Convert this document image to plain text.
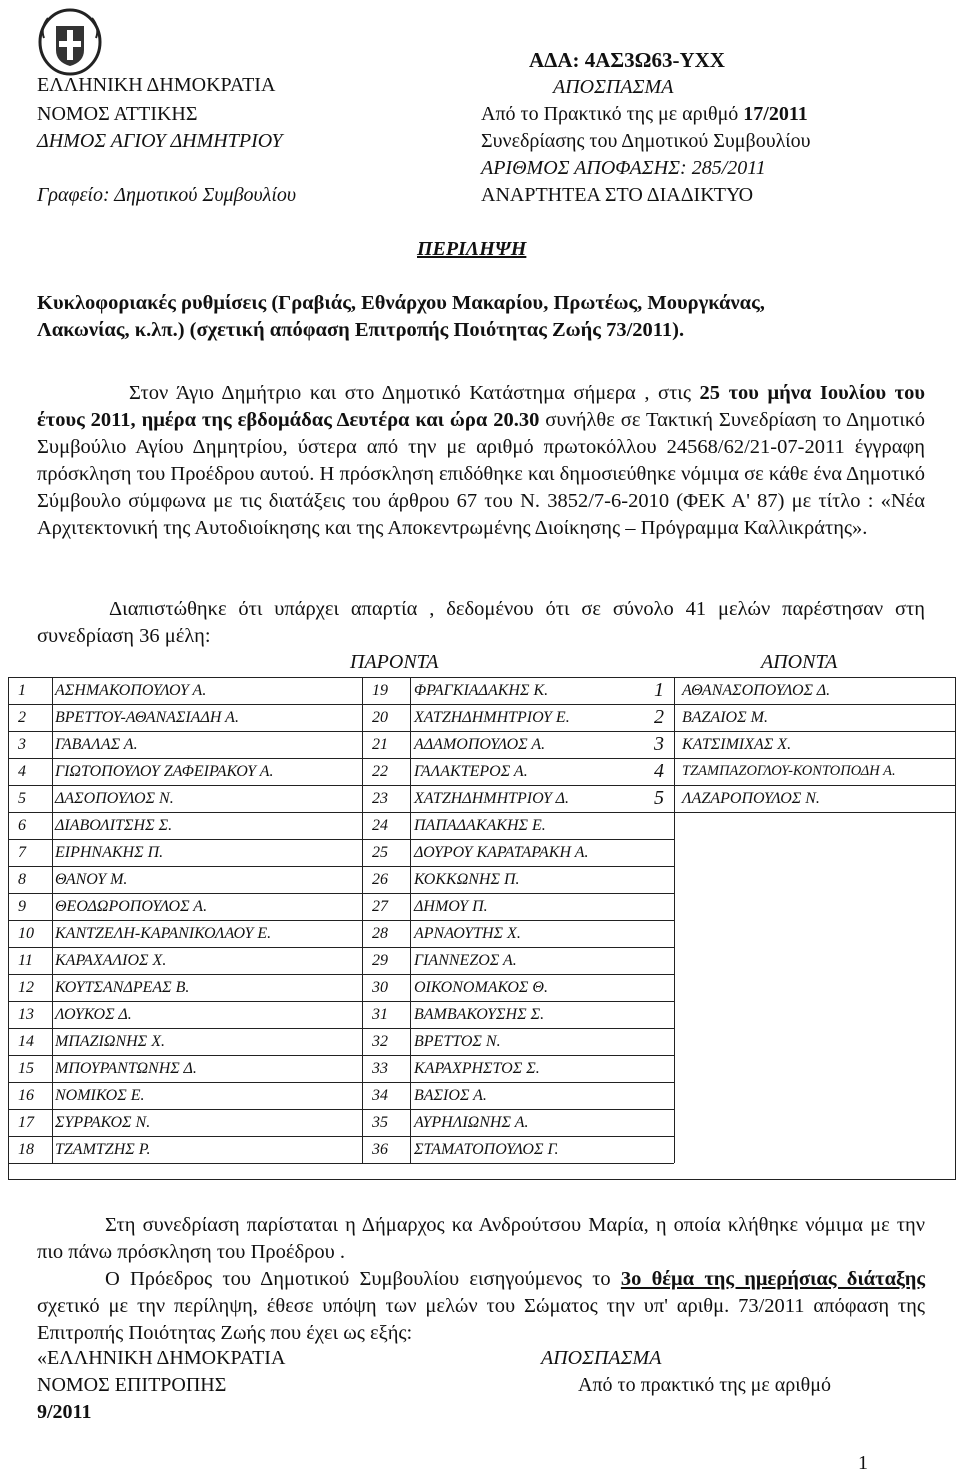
ΕΛΛΗΝΙΚΗ ΔΗΜΟΚΡΑΤΙΑ
ΝΟΜΟΣ ΑΤΤΙΚΗΣ
ΔΗΜΟΣ ΑΓΙΟΥ ΔΗΜΗΤΡΙΟΥ
Γραφείο: Δημοτικού Συμβουλίου
ΑΔΑ: 4ΑΣ3Ω63-ΥΧΧ
ΑΠΟΣΠΑΣΜΑ
Από το Πρακτικό της με αριθμό 17/2011
Συνεδρίασης του Δημοτικού Συμβουλίου
ΑΡΙΘΜΟΣ ΑΠΟΦΑΣΗΣ: 285/2011
ΑΝΑΡΤΗΤΕΑ ΣΤΟ ΔΙΑΔΙΚΤΥΟ
ΠΕΡΙΛΗΨΗ
Κυκλοφοριακές ρυθμίσεις (Γραβιάς, Εθνάρχου Μακαρίου, Πρωτέως, Μουργκάνας,
Λακωνίας, κ.λπ.) (σχετική απόφαση Επιτροπής Ποιότητας Ζωής 73/2011).
Στον Άγιο Δημήτριο και στο Δημοτικό Κατάστημα σήμερα , στις 25 του μήνα Ιουλίου του έτους 2011, ημέρα της εβδομάδας Δευτέρα και ώρα 20.30 συνήλθε σε Τακτική Συνεδρίαση το Δημοτικό Συμβούλιο Αγίου Δημητρίου, ύστερα από την με αριθμό πρωτοκόλλου 24568/62/21-07-2011 έγγραφη πρόσκληση του Προέδρου αυτού. Η πρόσκληση επιδόθηκε και δημοσιεύθηκε νόμιμα σε κάθε ένα Δημοτικό Σύμβουλο σύμφωνα με τις διατάξεις του άρθρου 67 του Ν. 3852/7-6-2010 (ΦΕΚ Α' 87) με τίτλο : «Νέα Αρχιτεκτονική της Αυτοδιοίκησης και της Αποκεντρωμένης Διοίκησης – Πρόγραμμα Καλλικράτης».
Διαπιστώθηκε ότι υπάρχει απαρτία , δεδομένου ότι σε σύνολο 41 μελών παρέστησαν στη συνεδρίαση 36 μέλη:
ΠΑΡΟΝΤΑ	ΑΠΟΝΤΑ
1 ΑΣΗΜΑΚΟΠΟΥΛΟΥ Α.	19 ΦΡΑΓΚΙΑΔΑΚΗΣ Κ.	1 ΑΘΑΝΑΣΟΠΟΥΛΟΣ Δ.
2 ΒΡΕΤΤΟΥ-ΑΘΑΝΑΣΙΑΔΗ Α.	20 ΧΑΤΖΗΔΗΜΗΤΡΙΟΥ Ε.	2 ΒΑΖΑΙΟΣ Μ.
3 ΓΑΒΑΛΑΣ Α.	21 ΑΔΑΜΟΠΟΥΛΟΣ Α.	3 ΚΑΤΣΙΜΙΧΑΣ Χ.
4 ΓΙΩΤΟΠΟΥΛΟΥ ΖΑΦΕΙΡΑΚΟΥ Α.	22 ΓΑΛΑΚΤΕΡΟΣ Α.	4 ΤΖΑΜΠΑΖΟΓΛΟΥ-ΚΟΝΤΟΠΟΔΗ Α.
5 ΔΑΣΟΠΟΥΛΟΣ Ν.	23 ΧΑΤΖΗΔΗΜΗΤΡΙΟΥ Δ.	5 ΛΑΖΑΡΟΠΟΥΛΟΣ Ν.
6 ΔΙΑΒΟΛΙΤΣΗΣ Σ.	24 ΠΑΠΑΔΑΚΑΚΗΣ Ε.
7 ΕΙΡΗΝΑΚΗΣ Π.	25 ΔΟΥΡΟΥ ΚΑΡΑΤΑΡΑΚΗ Α.
8 ΘΑΝΟΥ Μ.	26 ΚΟΚΚΩΝΗΣ Π.
9 ΘΕΟΔΩΡΟΠΟΥΛΟΣ Α.	27 ΔΗΜΟΥ Π.
10 ΚΑΝΤΖΕΛΗ-ΚΑΡΑΝΙΚΟΛΑΟΥ Ε.	28 ΑΡΝΑΟΥΤΗΣ Χ.
11 ΚΑΡΑΧΑΛΙΟΣ Χ.	29 ΓΙΑΝΝΕΖΟΣ Α.
12 ΚΟΥΤΣΑΝΔΡΕΑΣ Β.	30 ΟΙΚΟΝΟΜΑΚΟΣ Θ.
13 ΛΟΥΚΟΣ Δ.	31 ΒΑΜΒΑΚΟΥΣΗΣ Σ.
14 ΜΠΑΖΙΩΝΗΣ Χ.	32 ΒΡΕΤΤΟΣ Ν.
15 ΜΠΟΥΡΑΝΤΩΝΗΣ Δ.	33 ΚΑΡΑΧΡΗΣΤΟΣ Σ.
16 ΝΟΜΙΚΟΣ Ε.	34 ΒΑΣΙΟΣ Α.
17 ΣΥΡΡΑΚΟΣ Ν.	35 ΑΥΡΗΛΙΩΝΗΣ Α.
18 ΤΖΑΜΤΖΗΣ Ρ.	36 ΣΤΑΜΑΤΟΠΟΥΛΟΣ Γ.
Στη συνεδρίαση παρίσταται η Δήμαρχος κα Ανδρούτσου Μαρία, η οποία κλήθηκε νόμιμα με την πιο πάνω πρόσκληση του Προέδρου .
Ο Πρόεδρος του Δημοτικού Συμβουλίου εισηγούμενος το 3ο θέμα της ημερήσιας διάταξης σχετικό με την περίληψη, έθεσε υπόψη των μελών του Σώματος την υπ' αριθμ. 73/2011 απόφαση της Επιτροπής Ποιότητας Ζωής που έχει ως εξής:
«ΕΛΛΗΝΙΚΗ ΔΗΜΟΚΡΑΤΙΑ	ΑΠΟΣΠΑΣΜΑ
ΝΟΜΟΣ ΕΠΙΤΡΟΠΗΣ	Από το πρακτικό της με αριθμό
9/2011
1
